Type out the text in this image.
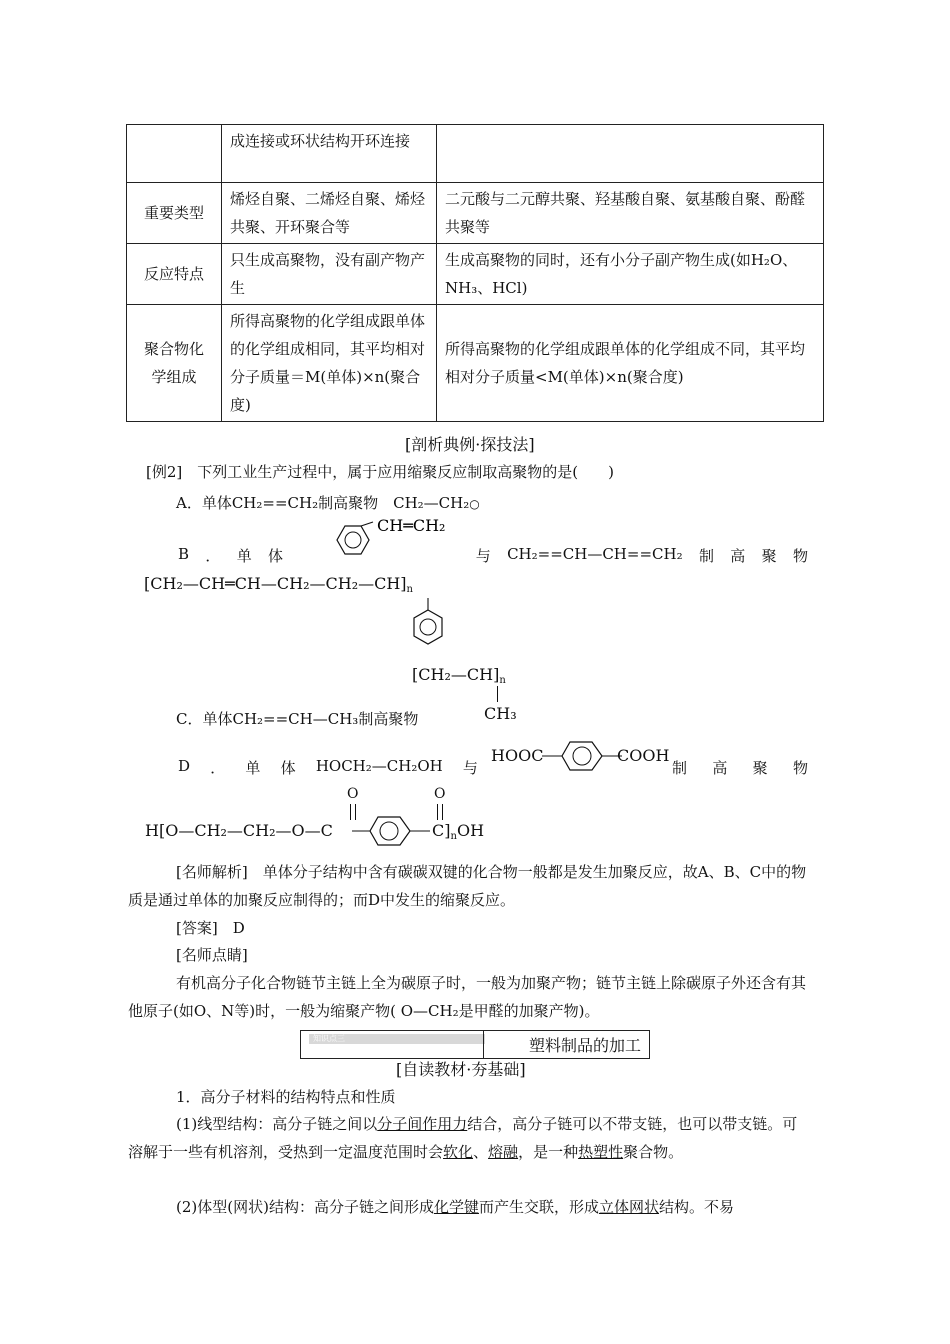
	成连接或环状结构开环连接	
重要类型	烯烃自聚、二烯烃自聚、烯烃共聚、开环聚合等	二元酸与二元醇共聚、羟基酸自聚、氨基酸自聚、酚醛共聚等
反应特点	只生成高聚物，没有副产物产生	生成高聚物的同时，还有小分子副产物生成(如H₂O、NH₃、HCl)
聚合物化学组成	所得高聚物的化学组成跟单体的化学组成相同，其平均相对分子质量＝M(单体)×n(聚合度)	所得高聚物的化学组成跟单体的化学组成不同，其平均相对分子质量<M(单体)×n(聚合度)
[剖析典例·探技法]
[例2]　下列工业生产过程中，属于应用缩聚反应制取高聚物的是(　　)
A．单体CH₂==CH₂制高聚物　CH₂—CH₂○
CH═CH₂
B ． 单 体	与 CH₂==CH—CH==CH₂ 制 高 聚 物
$[CH_2—CH═CH—CH_2—CH_2—CH]_n$
$[CH_2—CH]_n$
CH₃
C．单体CH₂==CH—CH₃制高聚物
D ． 单 体 HOCH₂—CH₂OH 与
HOOC	COOH
制 高 聚 物
H[O—CH₂—CH₂—O—C	$C]_nOH$
O	O
[名师解析]　 单体分子结构中含有碳碳双键的化合物一般都是发生加聚反应，故A、B、C中的物质是通过单体的加聚反应制得的；而D中发生的缩聚反应。
[答案]　D
[名师点睛]
有机高分子化合物链节主链上全为碳原子时，一般为加聚产物；链节主链上除碳原子外还含有其他原子(如O、N等)时，一般为缩聚产物( O—CH₂是甲醛的加聚产物)。
知识点三	塑料制品的加工
[自读教材·夯基础]
1．高分子材料的结构特点和性质
(1)线型结构：高分子链之间以分子间作用力结合，高分子链可以不带支链，也可以带支链。可溶解于一些有机溶剂，受热到一定温度范围时会软化、熔融，是一种热塑性聚合物。
(2)体型(网状)结构：高分子链之间形成化学键而产生交联，形成立体网状结构。不易
